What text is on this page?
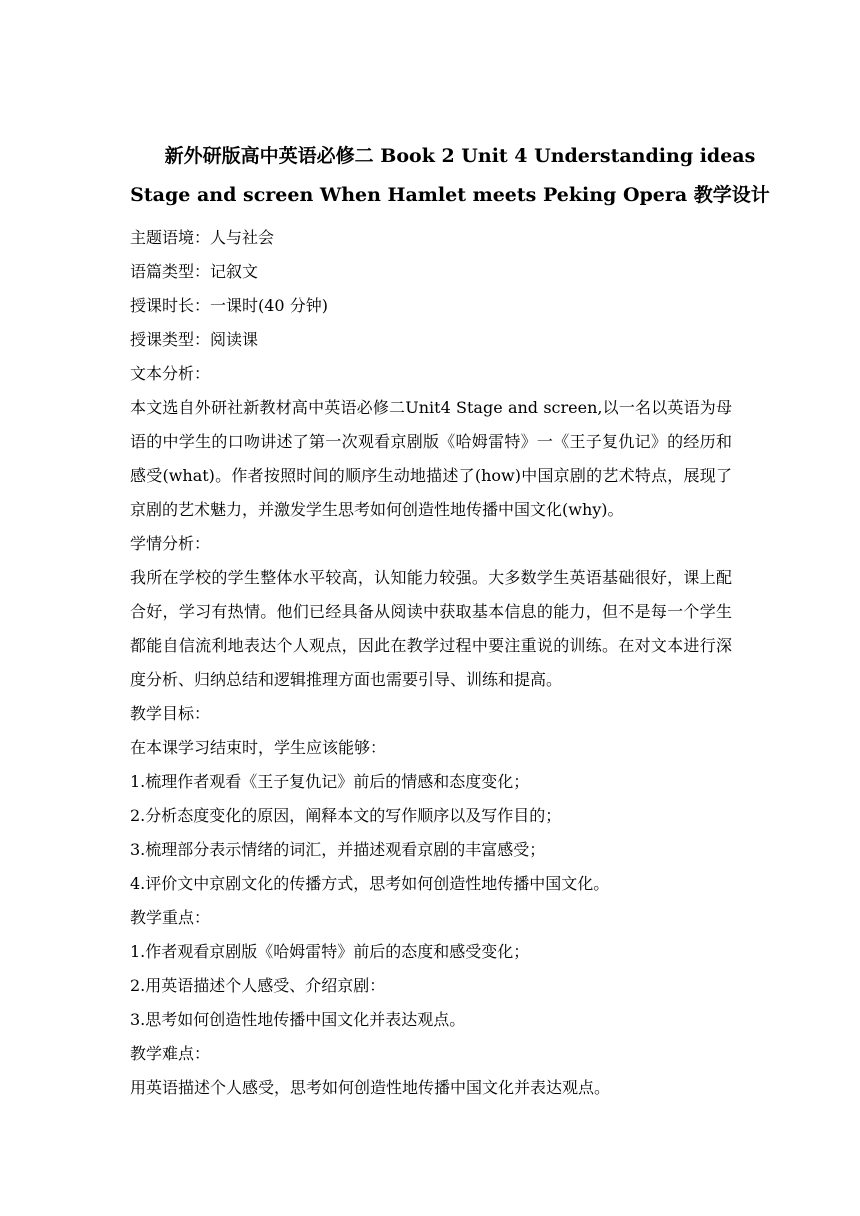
新外研版高中英语必修二 Book 2 Unit 4 Understanding ideas
Stage and screen When Hamlet meets Peking Opera 教学设计
主题语境：人与社会
语篇类型：记叙文
授课时长：一课时(40 分钟)
授课类型：阅读课
文本分析：
本文选自外研社新教材高中英语必修二Unit4 Stage and screen,以一名以英语为母语的中学生的口吻讲述了第一次观看京剧版《哈姆雷特》一《王子复仇记》的经历和感受(what)。作者按照时间的顺序生动地描述了(how)中国京剧的艺术特点，展现了京剧的艺术魅力，并激发学生思考如何创造性地传播中国文化(why)。
学情分析：
我所在学校的学生整体水平较高，认知能力较强。大多数学生英语基础很好，课上配合好，学习有热情。他们已经具备从阅读中获取基本信息的能力，但不是每一个学生都能自信流利地表达个人观点，因此在教学过程中要注重说的训练。在对文本进行深度分析、归纳总结和逻辑推理方面也需要引导、训练和提高。
教学目标：
在本课学习结束时，学生应该能够：
1.梳理作者观看《王子复仇记》前后的情感和态度变化；
2.分析态度变化的原因，阐释本文的写作顺序以及写作目的；
3.梳理部分表示情绪的词汇，并描述观看京剧的丰富感受；
4.评价文中京剧文化的传播方式，思考如何创造性地传播中国文化。
教学重点：
1.作者观看京剧版《哈姆雷特》前后的态度和感受变化；
2.用英语描述个人感受、介绍京剧：
3.思考如何创造性地传播中国文化并表达观点。
教学难点：
用英语描述个人感受，思考如何创造性地传播中国文化并表达观点。
